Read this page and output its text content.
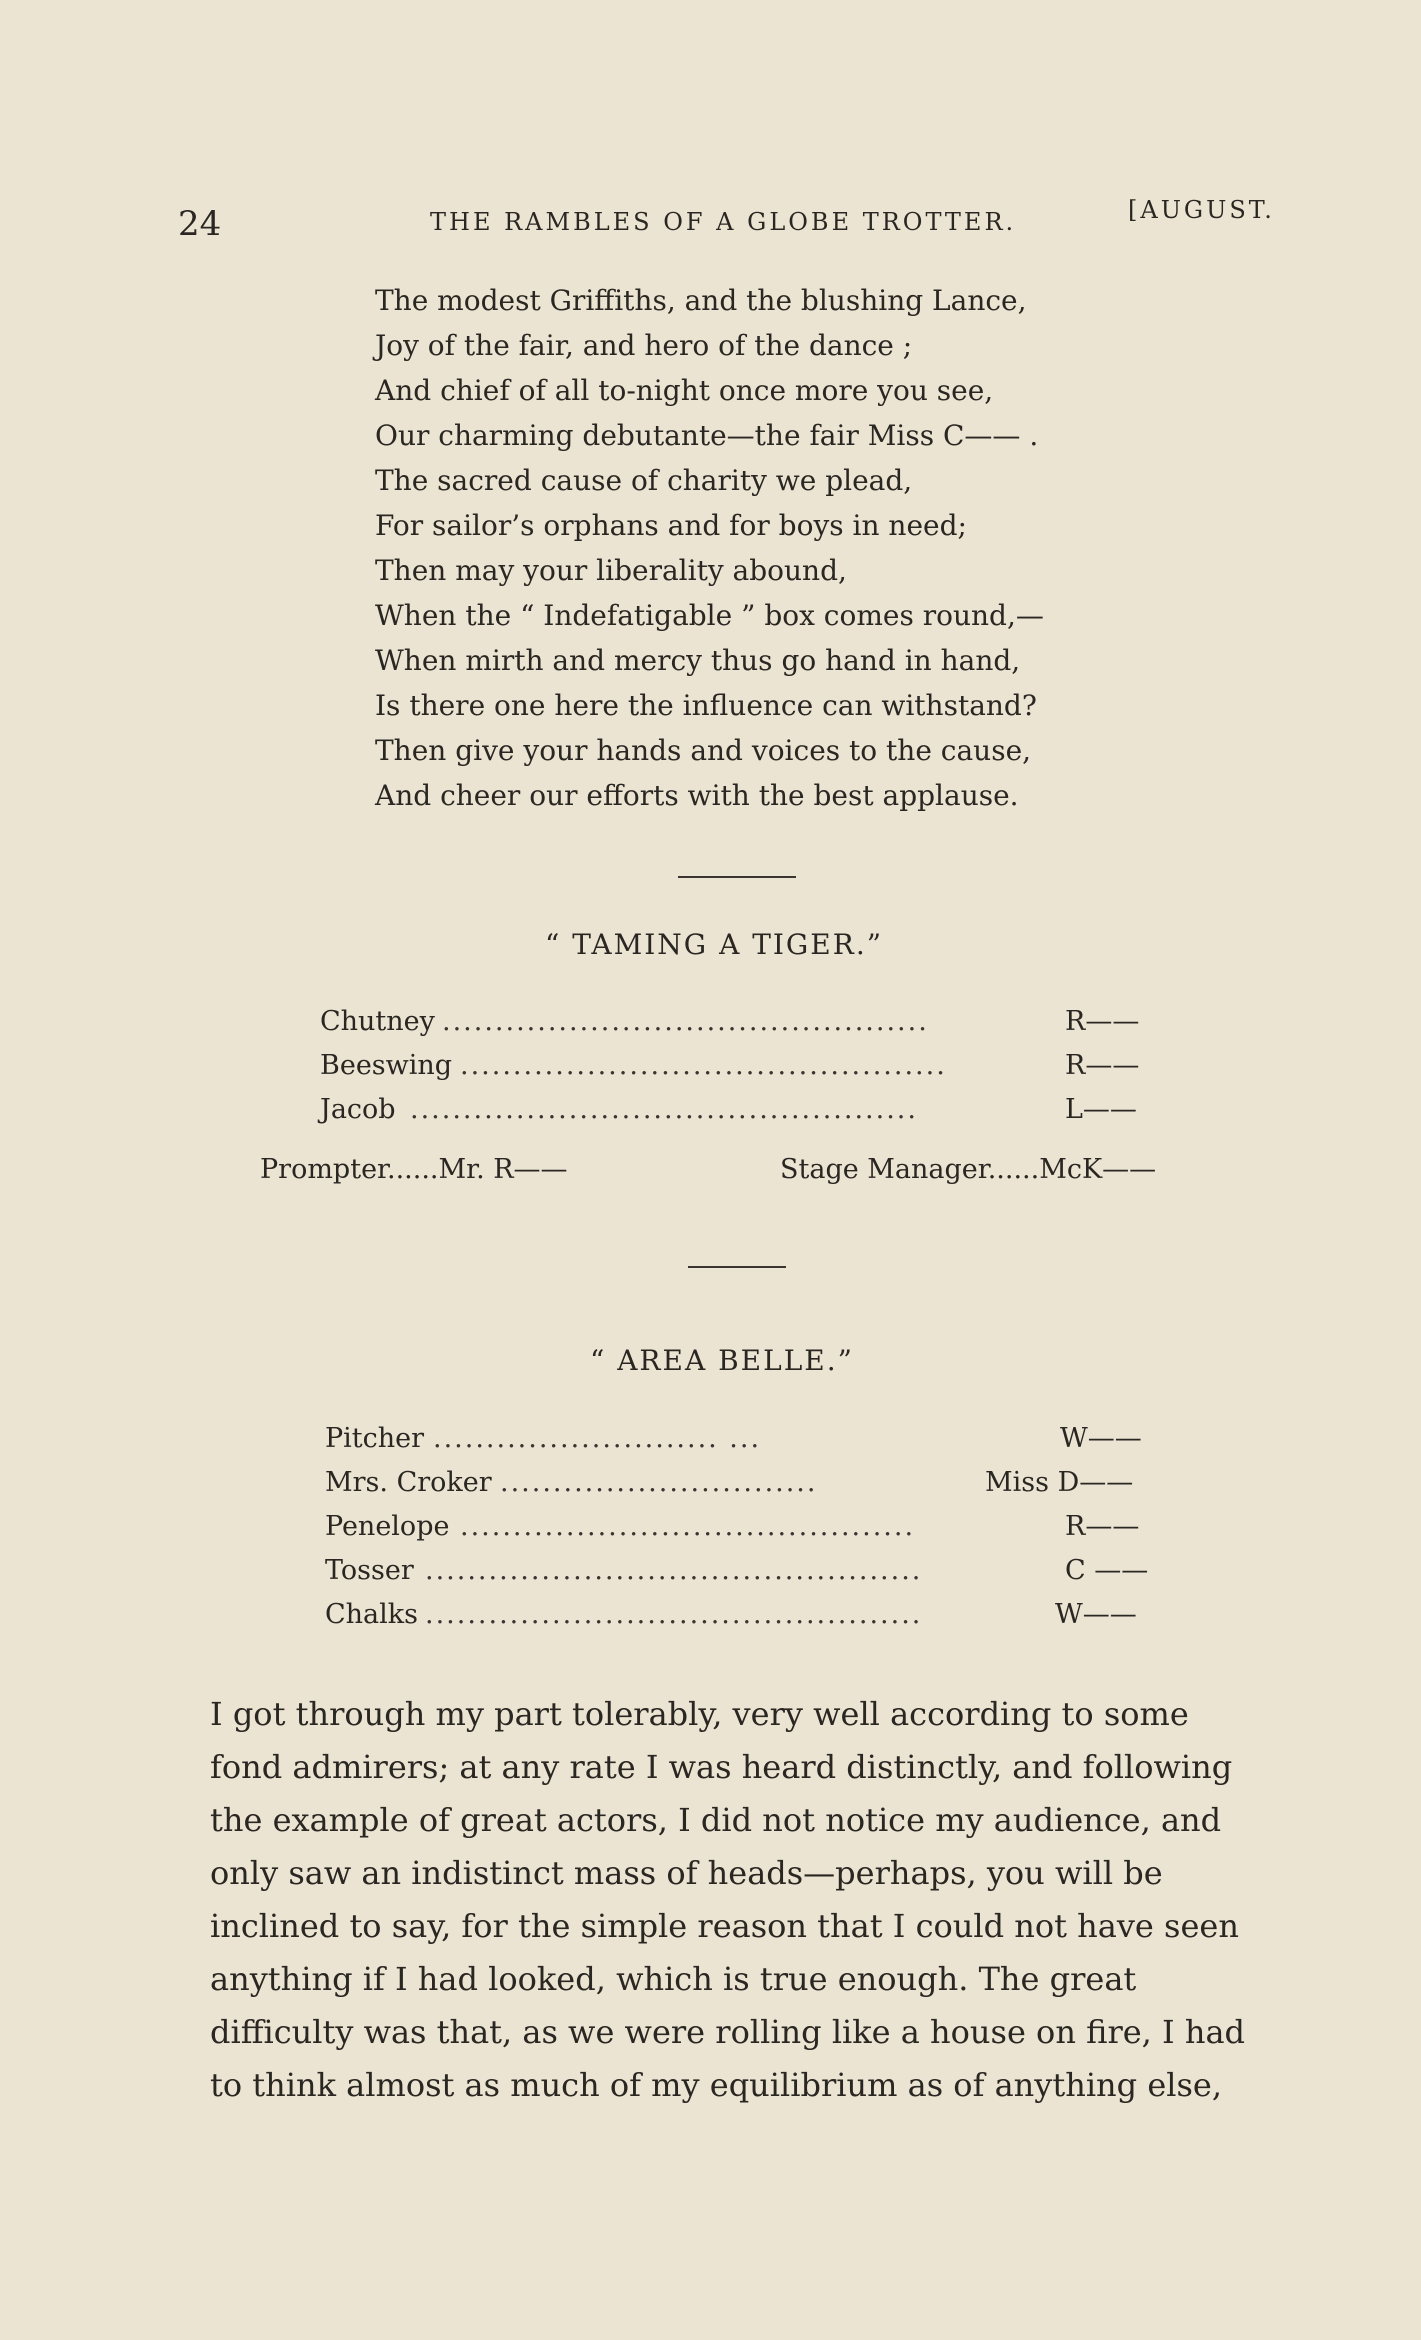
24	THE RAMBLES OF A GLOBE TROTTER.	[AUGUST.
The modest Griffiths, and the blushing Lance,
Joy of the fair, and hero of the dance ;
And chief of all to-night once more you see,
Our charming debutante—the fair Miss C—— .
The sacred cause of charity we plead,
For sailor’s orphans and for boys in need;
Then may your liberality abound,
When the “ Indefatigable ” box comes round,—
When mirth and mercy thus go hand in hand,
Is there one here the influence can withstand?
Then give your hands and voices to the cause,
And cheer our efforts with the best applause.
“ TAMING A TIGER.”
Chutney ..............................................	R——
Beeswing ..............................................	R——
Jacob ................................................	L——
Prompter......Mr. R——	Stage Manager......McK——
“ AREA BELLE.”
Pitcher ........................... ...	W——
Mrs. Croker ..............................	Miss D——
Penelope ...........................................	R——
Tosser ...............................................	C ——
Chalks ...............................................	W——
I got through my part tolerably, very well according to some
fond admirers; at any rate I was heard distinctly, and following
the example of great actors, I did not notice my audience, and
only saw an indistinct mass of heads—perhaps, you will be
inclined to say, for the simple reason that I could not have seen
anything if I had looked, which is true enough. The great
difficulty was that, as we were rolling like a house on fire, I had
to think almost as much of my equilibrium as of anything else,
